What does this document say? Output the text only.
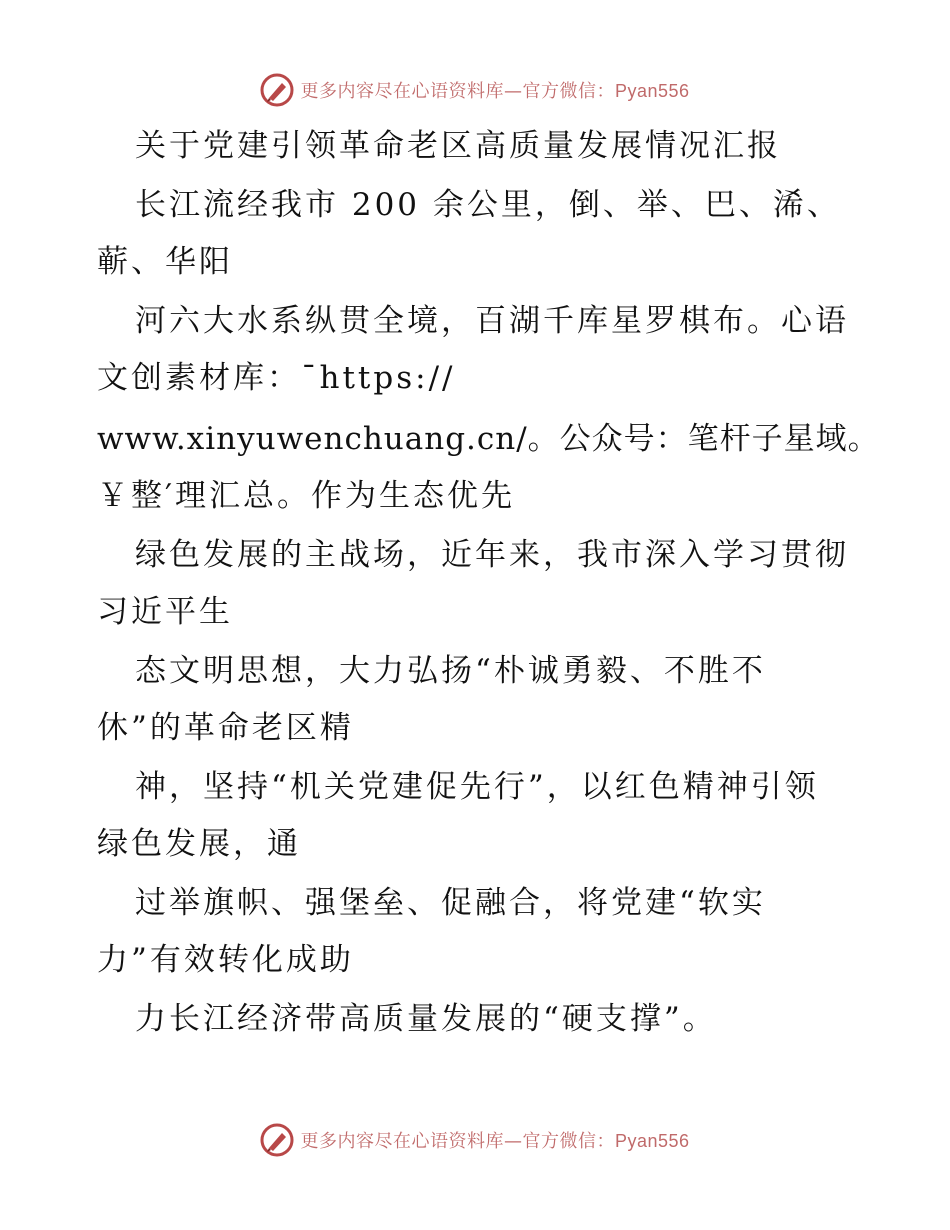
更多内容尽在心语资料库—官方微信：Pyan556
关于党建引领革命老区高质量发展情况汇报
长江流经我市 200 余公里，倒、举、巴、浠、
蕲、华阳
河六大水系纵贯全境，百湖千库星罗棋布。心语
文创素材库：¯https://
www.xinyuwenchuang.cn/。公众号：笔杆子星域。
￥整′理汇总。作为生态优先
绿色发展的主战场，近年来，我市深入学习贯彻
习近平生
态文明思想，大力弘扬“朴诚勇毅、不胜不
休”的革命老区精
神，坚持“机关党建促先行”，以红色精神引领
绿色发展，通
过举旗帜、强堡垒、促融合，将党建“软实
力”有效转化成助
力长江经济带高质量发展的“硬支撑”。
更多内容尽在心语资料库—官方微信：Pyan556
